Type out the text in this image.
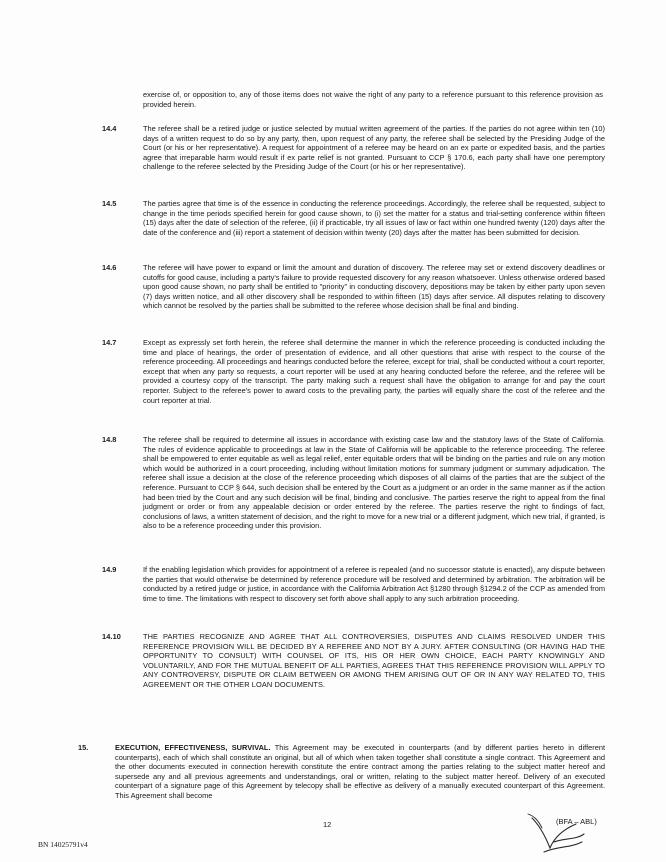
exercise of, or opposition to, any of those items does not waive the right of any party to a reference pursuant to this reference provision as provided herein.
14.4	The referee shall be a retired judge or justice selected by mutual written agreement of the parties. If the parties do not agree within ten (10) days of a written request to do so by any party, then, upon request of any party, the referee shall be selected by the Presiding Judge of the Court (or his or her representative). A request for appointment of a referee may be heard on an ex parte or expedited basis, and the parties agree that irreparable harm would result if ex parte relief is not granted. Pursuant to CCP § 170.6, each party shall have one peremptory challenge to the referee selected by the Presiding Judge of the Court (or his or her representative).
14.5	The parties agree that time is of the essence in conducting the reference proceedings. Accordingly, the referee shall be requested, subject to change in the time periods specified herein for good cause shown, to (i) set the matter for a status and trial-setting conference within fifteen (15) days after the date of selection of the referee, (ii) if practicable, try all issues of law or fact within one hundred twenty (120) days after the date of the conference and (iii) report a statement of decision within twenty (20) days after the matter has been submitted for decision.
14.6	The referee will have power to expand or limit the amount and duration of discovery. The referee may set or extend discovery deadlines or cutoffs for good cause, including a party's failure to provide requested discovery for any reason whatsoever. Unless otherwise ordered based upon good cause shown, no party shall be entitled to "priority" in conducting discovery, depositions may be taken by either party upon seven (7) days written notice, and all other discovery shall be responded to within fifteen (15) days after service. All disputes relating to discovery which cannot be resolved by the parties shall be submitted to the referee whose decision shall be final and binding.
14.7	Except as expressly set forth herein, the referee shall determine the manner in which the reference proceeding is conducted including the time and place of hearings, the order of presentation of evidence, and all other questions that arise with respect to the course of the reference proceeding. All proceedings and hearings conducted before the referee, except for trial, shall be conducted without a court reporter, except that when any party so requests, a court reporter will be used at any hearing conducted before the referee, and the referee will be provided a courtesy copy of the transcript. The party making such a request shall have the obligation to arrange for and pay the court reporter. Subject to the referee's power to award costs to the prevailing party, the parties will equally share the cost of the referee and the court reporter at trial.
14.8	The referee shall be required to determine all issues in accordance with existing case law and the statutory laws of the State of California. The rules of evidence applicable to proceedings at law in the State of California will be applicable to the reference proceeding. The referee shall be empowered to enter equitable as well as legal relief, enter equitable orders that will be binding on the parties and rule on any motion which would be authorized in a court proceeding, including without limitation motions for summary judgment or summary adjudication. The referee shall issue a decision at the close of the reference proceeding which disposes of all claims of the parties that are the subject of the reference. Pursuant to CCP § 644, such decision shall be entered by the Court as a judgment or an order in the same manner as if the action had been tried by the Court and any such decision will be final, binding and conclusive. The parties reserve the right to appeal from the final judgment or order or from any appealable decision or order entered by the referee. The parties reserve the right to findings of fact, conclusions of laws, a written statement of decision, and the right to move for a new trial or a different judgment, which new trial, if granted, is also to be a reference proceeding under this provision.
14.9	If the enabling legislation which provides for appointment of a referee is repealed (and no successor statute is enacted), any dispute between the parties that would otherwise be determined by reference procedure will be resolved and determined by arbitration. The arbitration will be conducted by a retired judge or justice, in accordance with the California Arbitration Act §1280 through §1294.2 of the CCP as amended from time to time. The limitations with respect to discovery set forth above shall apply to any such arbitration proceeding.
14.10	THE PARTIES RECOGNIZE AND AGREE THAT ALL CONTROVERSIES, DISPUTES AND CLAIMS RESOLVED UNDER THIS REFERENCE PROVISION WILL BE DECIDED BY A REFEREE AND NOT BY A JURY. AFTER CONSULTING (OR HAVING HAD THE OPPORTUNITY TO CONSULT) WITH COUNSEL OF ITS, HIS OR HER OWN CHOICE, EACH PARTY KNOWINGLY AND VOLUNTARILY, AND FOR THE MUTUAL BENEFIT OF ALL PARTIES, AGREES THAT THIS REFERENCE PROVISION WILL APPLY TO ANY CONTROVERSY, DISPUTE OR CLAIM BETWEEN OR AMONG THEM ARISING OUT OF OR IN ANY WAY RELATED TO, THIS AGREEMENT OR THE OTHER LOAN DOCUMENTS.
15.	EXECUTION, EFFECTIVENESS, SURVIVAL. This Agreement may be executed in counterparts (and by different parties hereto in different counterparts), each of which shall constitute an original, but all of which when taken together shall constitute a single contract. This Agreement and the other documents executed in connection herewith constitute the entire contract among the parties relating to the subject matter hereof and supersede any and all previous agreements and understandings, oral or written, relating to the subject matter hereof. Delivery of an executed counterpart of a signature page of this Agreement by telecopy shall be effective as delivery of a manually executed counterpart of this Agreement. This Agreement shall become
12
BN 14025791v4
(BFA – ABL)
